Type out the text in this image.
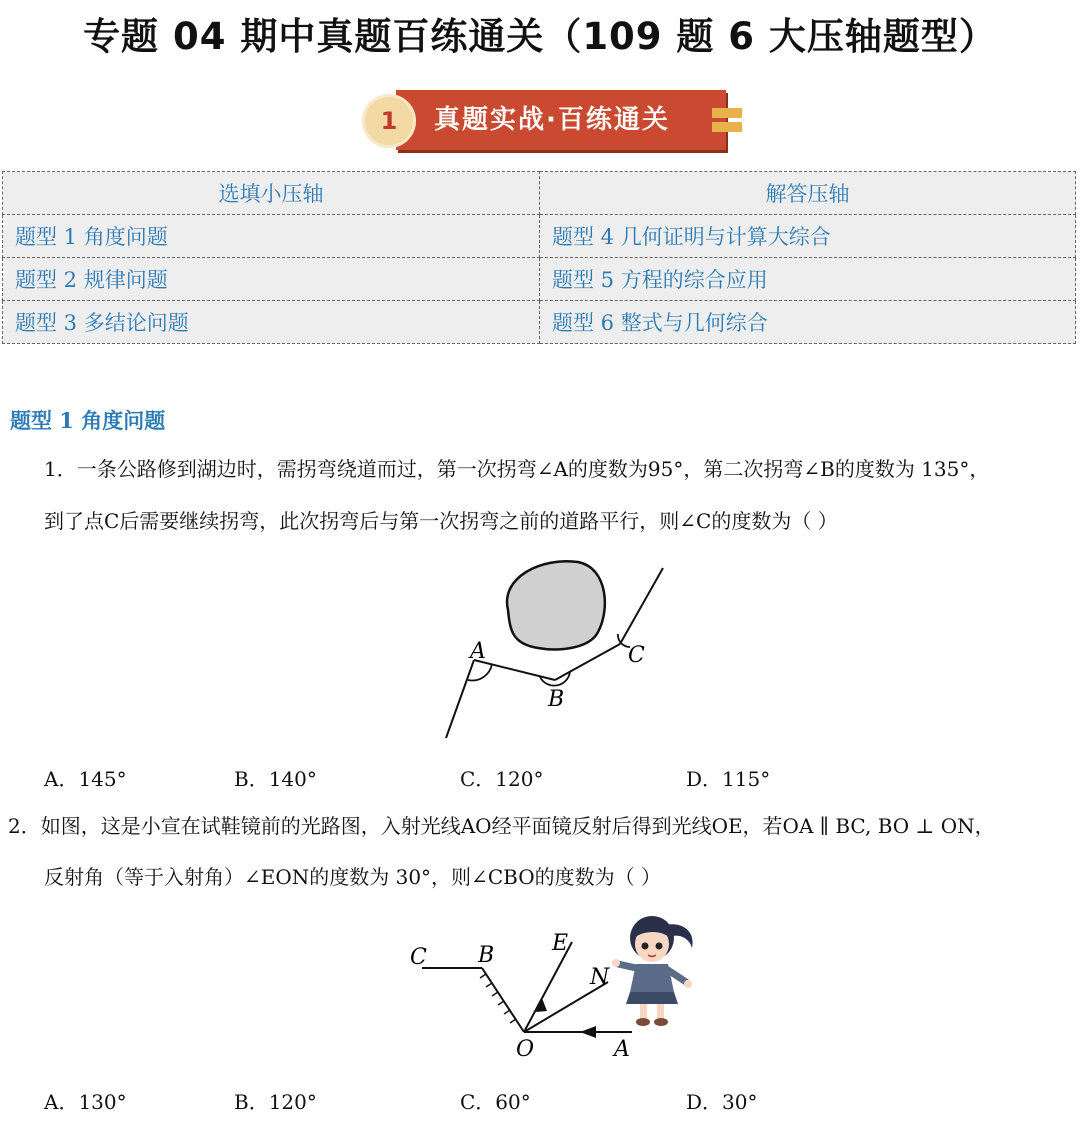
专题 04 期中真题百练通关（109 题 6 大压轴题型）
1	真题实战·百练通关
选填小压轴	解答压轴
题型 1 角度问题	题型 4 几何证明与计算大综合
题型 2 规律问题	题型 5 方程的综合应用
题型 3 多结论问题	题型 6 整式与几何综合
题型 1 角度问题
1．一条公路修到湖边时，需拐弯绕道而过，第一次拐弯∠A的度数为95°，第二次拐弯∠B的度数为 135°，
到了点C后需要继续拐弯，此次拐弯后与第一次拐弯之前的道路平行，则∠C的度数为（ ）
A
B
C
A．145°	B．140°	C．120°	D．115°
2．如图，这是小宣在试鞋镜前的光路图，入射光线AO经平面镜反射后得到光线OE，若OA ∥ BC, BO ⊥ ON，
反射角（等于入射角）∠EON的度数为 30°，则∠CBO的度数为（ ）
C B	E
N
O	A
A．130°	B．120°	C．60°	D．30°
